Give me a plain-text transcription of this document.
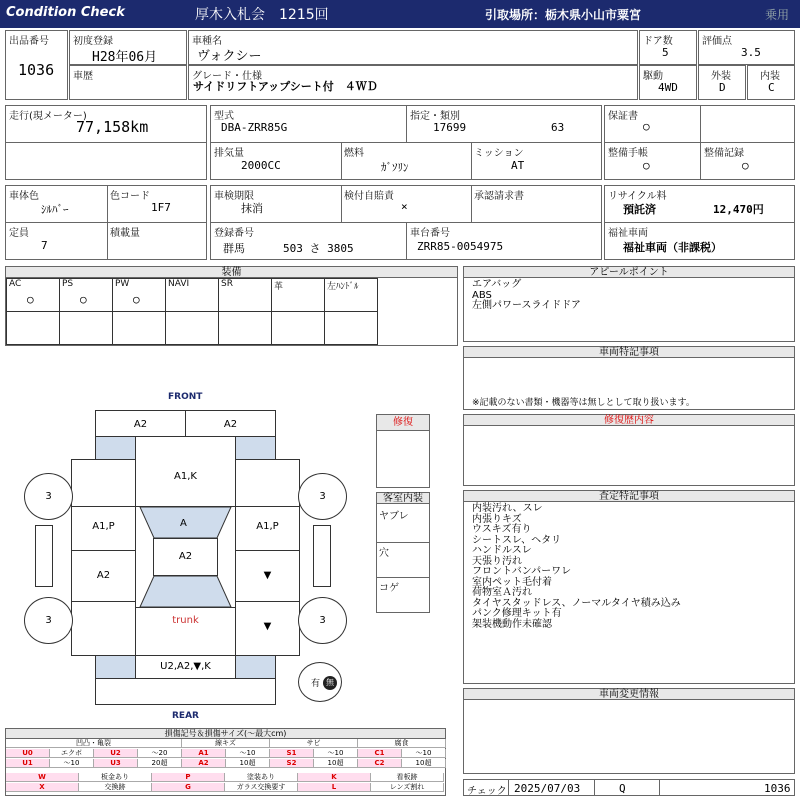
Condition Check	厚木入札会　1215回	引取場所：栃木県小山市粟宮	乗用
出品番号
1036
初度登録
H28年06月
車歴
車種名
ヴォクシー
グレード・仕様
サイドリフトアップシート付　４ＷＤ
ドア数
5
評価点
3.5
駆動
4WD
外装
D
内装
C
走行(現メーター)
77,158km
型式
DBA-ZRR85G
指定・類別
17699	63
排気量
2000CC
燃料
ｶﾞｿﾘﾝ
ミッション
AT
保証書
○
整備手帳
○
整備記録
○
車体色
ｼﾙﾊﾞｰ
色コード
1F7
定員
7
積載量
車検期限
抹消
検付自賠責
×
承認請求書
登録番号
群馬	503 さ 3805
車台番号
ZRR85-0054975
リサイクル料
預託済	12,470円
福祉車両
福祉車両（非課税）
装備
AC
○
PS
○
PW
○
NAVI	SR	革	左ﾊﾝﾄﾞﾙ
アピールポイント
エアバッグ
ABS
左側パワースライドドア
車両特記事項
※記載のない書類・機器等は無しとして取り扱います。
修復歴内容
査定特記事項
内装汚れ、スレ
内張りキズ
ウスキズ有り
シートスレ、ヘタリ
ハンドルスレ
天張り汚れ
フロントバンパーワレ
室内ペット毛付着
荷物室Ａ汚れ
タイヤスタッドレス、ノーマルタイヤ積み込み
パンク修理キット有
架装機動作未確認
車両変更情報
チェック 2025/07/03	Q	1036
修復
客室内装
ヤブレ
穴
コゲ
FRONT
REAR
A2	A2
A1,K
A1,P	A1,P
A2	▼
A
A2
trunk
▼
U2,A2,▼,K
3	3
3	3
有 無
損傷記号＆損傷サイズ(～最大cm)
凹凸・亀裂	線キズ	サビ	腐食
U0	エクボ	U2	～20	A1	～10	S1	～10	C1	～10
U1	～10	U3	20超	A2	10超	S2	10超	C2	10超
W	板金あり	P	塗装あり	K	看板跡
X	交換跡	G	ガラス交換要す	L	レンズ割れ
